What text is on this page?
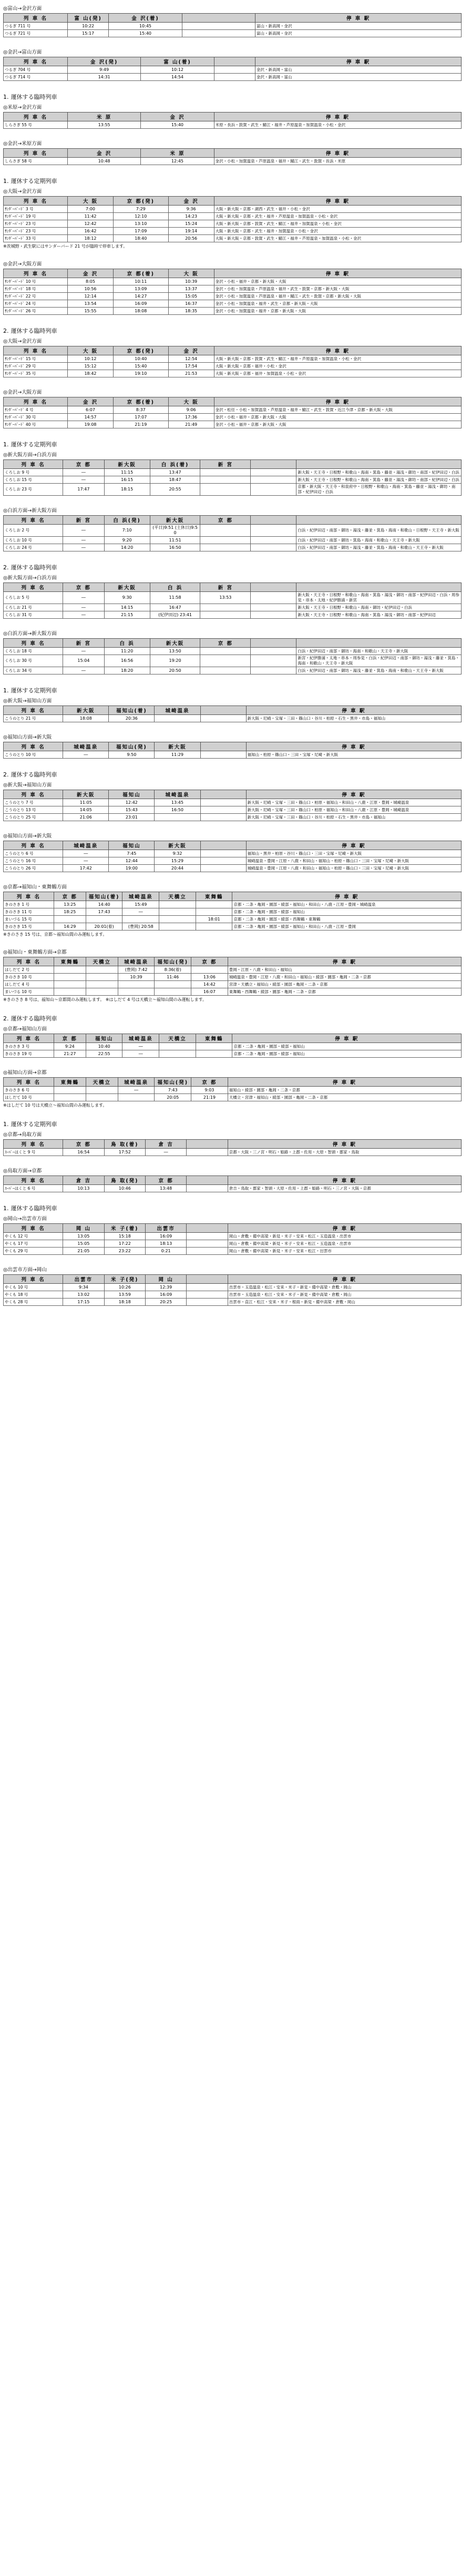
◎富山→金沢方面
列 車 名	富 山(発)	金 沢(着)		停 車 駅
つるぎ 711 号	10:22	10:45		富山・新高岡・金沢
つるぎ 721 号	15:17	15:40		富山・新高岡・金沢
◎金沢→富山方面
列 車 名	金 沢(発)	富 山(着)		停 車 駅
つるぎ 704 号	9:49	10:12		金沢・新高岡・富山
つるぎ 714 号	14:31	14:54		金沢・新高岡・富山
1. 運休する臨時列車
◎米原→金沢方面
列 車 名	米 原	金 沢	停 車 駅
しらさぎ 55 号	13:55	15:40	米原・長浜・敦賀・武生・鯖江・福井・芦原温泉・加賀温泉・小松・金沢
◎金沢→米原方面
列 車 名	金 沢	米 原	停 車 駅
しらさぎ 58 号	10:48	12:45	金沢・小松・加賀温泉・芦原温泉・福井・鯖江・武生・敦賀・長浜・米原
1. 運休する定期列車
◎大阪→金沢方面
列 車 名	大 阪	京 都(発)	金 沢	停 車 駅
ｻﾝﾀﾞｰﾊﾞｰﾄﾞ 3 号	7:00	7:29	9:36	大阪・新大阪・京都・湖西・武生・福井・小松・金沢
ｻﾝﾀﾞｰﾊﾞｰﾄﾞ 19 号	11:42	12:10	14:23	大阪・新大阪・京都・武生・福井・芦原温泉・加賀温泉・小松・金沢
ｻﾝﾀﾞｰﾊﾞｰﾄﾞ 23 号	12:42	13:10	15:24	大阪・新大阪・京都・敦賀・武生・鯖江・福井・加賀温泉・小松・金沢
ｻﾝﾀﾞｰﾊﾞｰﾄﾞ 23 号	16:42	17:09	19:14	大阪・新大阪・京都・武生・福井・加賀温泉・小松・金沢
ｻﾝﾀﾞｰﾊﾞｰﾄﾞ 33 号	18:12	18:40	20:56	大阪・新大阪・京都・敦賀・武生・鯖江・福井・芦原温泉・加賀温泉・小松・金沢
※茨城野・武生駅にはサンダーバード 21 号が臨時で停車します。
◎金沢→大阪方面
列 車 名	金 沢	京 都(着)	大 阪	停 車 駅
ｻﾝﾀﾞｰﾊﾞｰﾄﾞ 10 号	8:05	10:11	10:39	金沢・小松・福井・京都・新大阪・大阪
ｻﾝﾀﾞｰﾊﾞｰﾄﾞ 18 号	10:56	13:09	13:37	金沢・小松・加賀温泉・芦原温泉・福井・武生・敦賀・京都・新大阪・大阪
ｻﾝﾀﾞｰﾊﾞｰﾄﾞ 22 号	12:14	14:27	15:05	金沢・小松・加賀温泉・芦原温泉・福井・鯖江・武生・敦賀・京都・新大阪・大阪
ｻﾝﾀﾞｰﾊﾞｰﾄﾞ 24 号	13:54	16:09	16:37	金沢・小松・加賀温泉・福井・武生・京都・新大阪・大阪
ｻﾝﾀﾞｰﾊﾞｰﾄﾞ 26 号	15:55	18:08	18:35	金沢・小松・加賀温泉・福井・京都・新大阪・大阪
2. 運休する臨時列車
◎大阪→金沢方面
列 車 名	大 阪	京 都(発)	金 沢	停 車 駅
ｻﾝﾀﾞｰﾊﾞｰﾄﾞ 15 号	10:12	10:40	12:54	大阪・新大阪・京都・敦賀・武生・鯖江・福井・芦原温泉・加賀温泉・小松・金沢
ｻﾝﾀﾞｰﾊﾞｰﾄﾞ 29 号	15:12	15:40	17:54	大阪・新大阪・京都・福井・小松・金沢
ｻﾝﾀﾞｰﾊﾞｰﾄﾞ 35 号	18:42	19:10	21:53	大阪・新大阪・京都・福井・加賀温泉・小松・金沢
◎金沢→大阪方面
列 車 名	金 沢	京 都(着)	大 阪	停 車 駅
ｻﾝﾀﾞｰﾊﾞｰﾄﾞ 4 号	6:07	8:37	9:06	金沢・松任・小松・加賀温泉・芦原温泉・福井・鯖江・武生・敦賀・近江今津・京都・新大阪・大阪
ｻﾝﾀﾞｰﾊﾞｰﾄﾞ 30 号	14:57	17:07	17:36	金沢・小松・福井・京都・新大阪・大阪
ｻﾝﾀﾞｰﾊﾞｰﾄﾞ 40 号	19:08	21:19	21:49	金沢・小松・福井・京都・新大阪・大阪
1. 運休する定期列車
◎新大阪方面→白浜方面
列 車 名	京 都	新大阪	白 浜(着)	新 宮		
くろしお 9 号	―	11:15	13:47			新大阪・天王寺・日根野・和歌山・海南・箕島・藤並・湯浅・御坊・南部・紀伊田辺・白浜
くろしお 15 号	―	16:15	18:47			新大阪・天王寺・日根野・和歌山・海南・箕島・藤並・湯浅・御坊・南部・紀伊田辺・白浜
くろしお 23 号	17:47	18:15	20:55			京都・新大阪・天王寺・和泉府中・日根野・和歌山・海南・箕島・藤並・湯浅・御坊・南部・紀伊田辺・白浜
◎白浜方面→新大阪方面
列 車 名	新 宮	白 浜(発)	新大阪	京 都		
くろしお 2 号	―	7:10	(平日)9:51 (土休日)9:50			白浜・紀伊田辺・南部・御坊・湯浅・藤並・箕島・海南・和歌山・日根野・天王寺・新大阪
くろしお 10 号	―	9:20	11:51			白浜・紀伊田辺・南部・御坊・箕島・海南・和歌山・天王寺・新大阪
くろしお 24 号	―	14:20	16:50			白浜・紀伊田辺・南部・御坊・湯浅・藤並・箕島・海南・和歌山・天王寺・新大阪
2. 運休する臨時列車
◎新大阪方面→白浜方面
列 車 名	京 都	新大阪	白 浜	新 宮		
くろしお 5 号	―	9:30	11:58	13:53		新大阪・天王寺・日根野・和歌山・海南・箕島・湯浅・御坊・南部・紀伊田辺・白浜・周参見・串本・太地・紀伊勝浦・新宮
くろしお 21 号	―	14:15	16:47			新大阪・天王寺・日根野・和歌山・海南・御坊・紀伊田辺・白浜
くろしお 31 号	―	21:15	(紀伊田辺) 23:41			新大阪・天王寺・日根野・和歌山・海南・箕島・湯浅・御坊・南部・紀伊田辺
◎白浜方面→新大阪方面
列 車 名	新 宮	白 浜	新大阪	京 都		
くろしお 18 号	―	11:20	13:50			白浜・紀伊田辺・南部・御坊・海南・和歌山・天王寺・新大阪
くろしお 30 号	15:04	16:56	19:20			新宮・紀伊勝浦・太地・串本・周参見・白浜・紀伊田辺・南部・御坊・湯浅・藤並・箕島・海南・和歌山・天王寺・新大阪
くろしお 34 号	―	18:20	20:50			白浜・紀伊田辺・南部・御坊・湯浅・藤並・箕島・海南・和歌山・天王寺・新大阪
1. 運休する定期列車
◎新大阪→福知山方面
列 車 名	新大阪	福知山(着)	城崎温泉		停 車 駅
こうのとり 21 号	18:08	20:36			新大阪・尼崎・宝塚・三田・篠山口・谷川・柏原・石生・黒井・市島・福知山
◎福知山方面→新大阪
列 車 名	城崎温泉	福知山(発)	新大阪		停 車 駅
こうのとり 10 号	―	9:50	11:29		福知山・柏原・篠山口・三田・宝塚・尼崎・新大阪
2. 運休する臨時列車
◎新大阪→福知山方面
列 車 名	新大阪	福知山	城崎温泉		停 車 駅
こうのとり 7 号	11:05	12:42	13:45		新大阪・尼崎・宝塚・三田・篠山口・柏原・福知山・和田山・八鹿・江原・豊岡・城崎温泉
こうのとり 13 号	14:05	15:43	16:50		新大阪・尼崎・宝塚・三田・篠山口・柏原・福知山・和田山・八鹿・江原・豊岡・城崎温泉
こうのとり 25 号	21:06	23:01			新大阪・尼崎・宝塚・三田・篠山口・谷川・柏原・石生・黒井・市島・福知山
◎福知山方面→新大阪
列 車 名	城崎温泉	福知山	新大阪		停 車 駅
こうのとり 6 号	―	7:45	9:32		福知山・黒井・柏原・谷川・篠山口・三田・宝塚・尼崎・新大阪
こうのとり 16 号	―	12:44	15:29		城崎温泉・豊岡・江原・八鹿・和田山・福知山・柏原・篠山口・三田・宝塚・尼崎・新大阪
こうのとり 26 号	17:42	19:00	20:44		城崎温泉・豊岡・江原・八鹿・和田山・福知山・柏原・篠山口・三田・宝塚・尼崎・新大阪
◎京都→福知山・東舞鶴方面
列 車 名	京 都	福知山(着)	城崎温泉	天橋立	東舞鶴	停 車 駅
きのさき 1 号	13:25	14:40	15:49			京都・二条・亀岡・園部・綾部・福知山・和田山・八鹿・江原・豊岡・城崎温泉
きのさき 11 号	18:25	17:43	―			京都・二条・亀岡・園部・綾部・福知山
まいづる 15 号					18:01	京都・二条・亀岡・園部・綾部・西舞鶴・東舞鶴
きのさき 15 号	14:29	20:01(着)	(豊岡) 20:58			京都・二条・亀岡・園部・綾部・福知山・和田山・八鹿・江原・豊岡
※きのさき 15 号は、京都～福知山間のみ運転します。
◎福知山・東舞鶴方面→京都
列 車 名	東舞鶴	天橋立	城崎温泉	福知山(発)	京 都	停 車 駅
はしだて 2 号			(豊岡) 7:42	8:36(着)		豊岡・江原・八鹿・和田山・福知山
きのさき 10 号			10:39	11:46	13:06	城崎温泉・豊岡・江原・八鹿・和田山・福知山・綾部・園部・亀岡・二条・京都
はしだて 4 号					14:42	宮津・天橋立・福知山・綾部・園部・亀岡・二条・京都
まいづる 10 号					16:07	東舞鶴・西舞鶴・綾部・園部・亀岡・二条・京都
※きのさき 8 号は、福知山～京都間のみ運転します。 ※はしだて 4 号は天橋立～福知山間のみ運転します。
2. 運休する臨時列車
◎京都→福知山方面
列 車 名	京 都	福知山	城崎温泉	天橋立	東舞鶴	停 車 駅
きのさき 3 号	9:24	10:40	―			京都・二条・亀岡・園部・綾部・福知山
きのさき 19 号	21:27	22:55	―			京都・二条・亀岡・園部・綾部・福知山
◎福知山方面→京都
列 車 名	東舞鶴	天橋立	城崎温泉	福知山(発)	京 都	停 車 駅
きのさき 6 号			―	7:43	9:03	福知山・綾部・園部・亀岡・二条・京都
はしだて 10 号				20:05	21:19	天橋立・宮津・福知山・綾部・園部・亀岡・二条・京都
※はしだて 10 号は天橋立～福知山間のみ運転します。
1. 運休する定期列車
◎京都→鳥取方面
列 車 名	京 都	鳥 取(着)	倉 吉		停 車 駅
ｽｰﾊﾟｰはくと 9 号	16:54	17:52	―		京都・大阪・三ノ宮・明石・姫路・上郡・佐用・大原・智頭・郡家・鳥取
◎鳥取方面→京都
列 車 名	倉 吉	鳥 取(発)	京 都		停 車 駅
ｽｰﾊﾟｰはくと 6 号	10:13	10:46	13:48		倉吉・鳥取・郡家・智頭・大原・佐用・上郡・姫路・明石・三ノ宮・大阪・京都
1. 運休する臨時列車
◎岡山→出雲市方面
列 車 名	岡 山	米 子(着)	出雲市		停 車 駅
やくも 12 号	13:05	15:18	16:09		岡山・倉敷・備中高梁・新見・米子・安来・松江・玉造温泉・出雲市
やくも 17 号	15:05	17:22	18:13		岡山・倉敷・備中高梁・新見・米子・安来・松江・玉造温泉・出雲市
やくも 29 号	21:05	23:22	0:21		岡山・倉敷・備中高梁・新見・米子・安来・松江・出雲市
◎出雲市方面→岡山
列 車 名	出雲市	米 子(発)	岡 山		停 車 駅
やくも 10 号	9:34	10:26	12:39		出雲市・玉造温泉・松江・安来・米子・新見・備中高梁・倉敷・岡山
やくも 18 号	13:02	13:59	16:09		出雲市・玉造温泉・松江・安来・米子・新見・備中高梁・倉敷・岡山
やくも 28 号	17:15	18:18	20:25		出雲市・直江・松江・安来・米子・根雨・新見・備中高梁・倉敷・岡山
